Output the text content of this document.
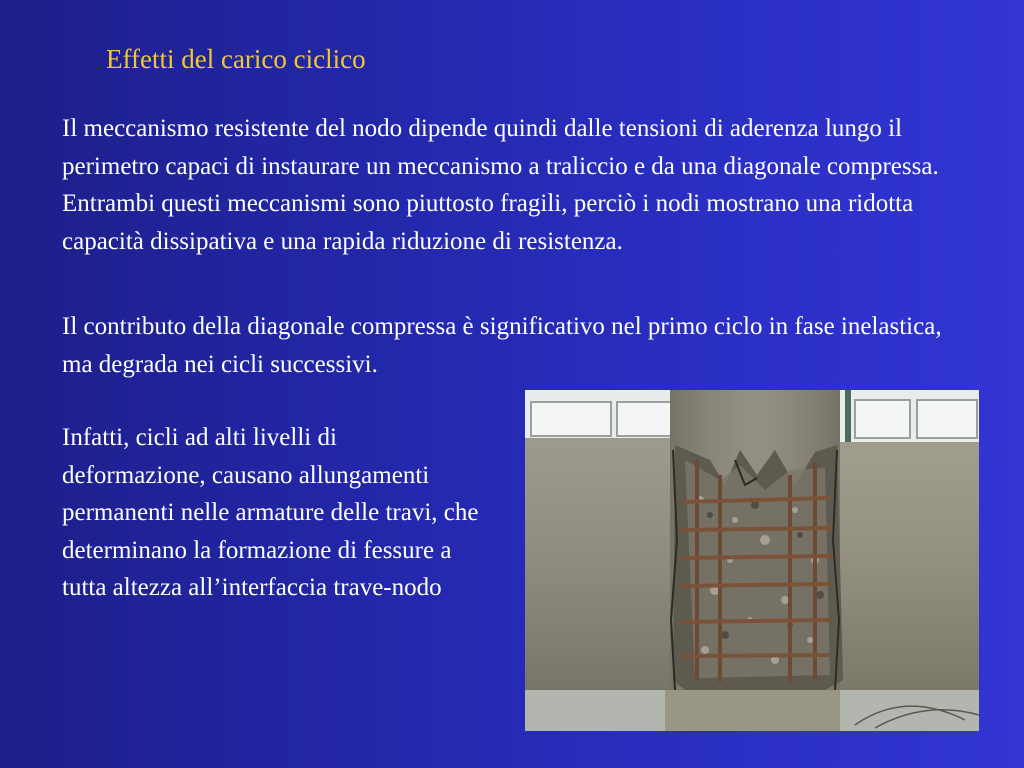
Effetti del carico ciclico
Il meccanismo resistente del nodo dipende quindi dalle tensioni di aderenza lungo il perimetro capaci di instaurare un meccanismo a traliccio e da una diagonale compressa. Entrambi questi meccanismi sono piuttosto fragili, perciò i nodi mostrano una ridotta capacità dissipativa e una rapida riduzione di resistenza.
Il contributo della diagonale compressa è significativo nel primo ciclo in fase inelastica, ma degrada nei cicli successivi.
Infatti, cicli ad alti livelli di deformazione, causano allungamenti permanenti nelle armature delle travi, che determinano la formazione di fessure a tutta altezza all’interfaccia trave-nodo
